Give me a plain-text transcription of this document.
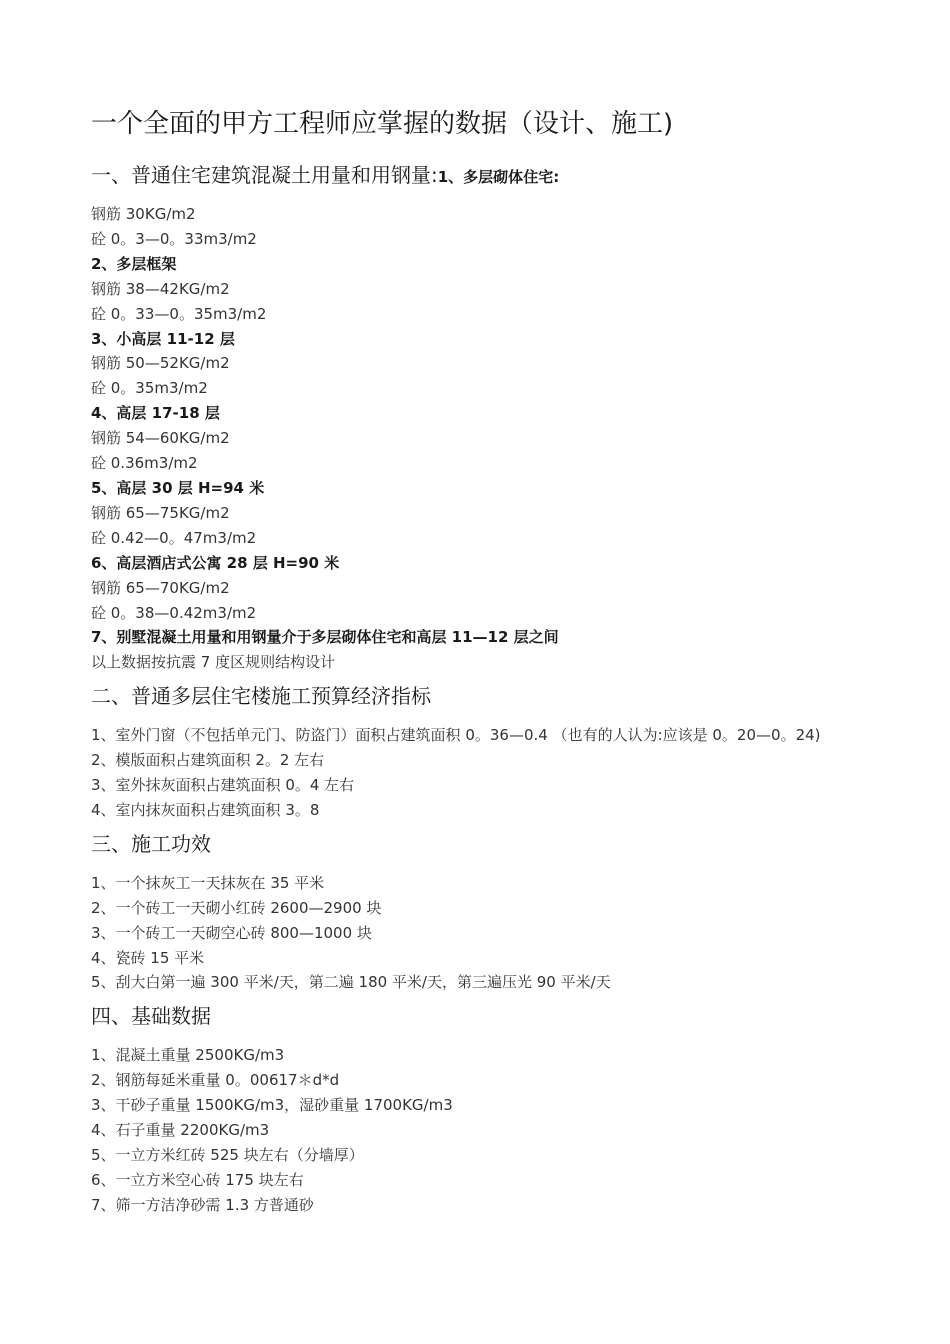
一个全面的甲方工程师应掌握的数据（设计、施工)
一、普通住宅建筑混凝土用量和用钢量:1、多层砌体住宅:

钢筋 30KG/m2

砼 0。3—0。33m3/m2

2、多层框架

钢筋 38—42KG/m2

砼 0。33—0。35m3/m2

3、小高层 11-12 层

钢筋 50—52KG/m2

砼 0。35m3/m2

4、高层 17-18 层

钢筋 54—60KG/m2

砼 0.36m3/m2

5、高层 30 层 H=94 米

钢筋 65—75KG/m2

砼 0.42—0。47m3/m2

6、高层酒店式公寓 28 层 H=90 米

钢筋 65—70KG/m2

砼 0。38—0.42m3/m2

7、别墅混凝土用量和用钢量介于多层砌体住宅和高层 11—12 层之间

以上数据按抗震 7 度区规则结构设计

二、普通多层住宅楼施工预算经济指标

1、室外门窗（不包括单元门、防盗门）面积占建筑面积 0。36—0.4 （也有的人认为:应该是 0。20—0。24)

2、模版面积占建筑面积 2。2 左右

3、室外抹灰面积占建筑面积 0。4 左右

4、室内抹灰面积占建筑面积 3。8

三、施工功效

1、一个抹灰工一天抹灰在 35 平米

2、一个砖工一天砌小红砖 2600—2900 块

3、一个砖工一天砌空心砖 800—1000 块

4、瓷砖 15 平米

5、刮大白第一遍 300 平米/天，第二遍 180 平米/天，第三遍压光 90 平米/天

四、基础数据

1、混凝土重量 2500KG/m3

2、钢筋每延米重量 0。00617＊d*d

3、干砂子重量 1500KG/m3，湿砂重量 1700KG/m3

4、石子重量 2200KG/m3

5、一立方米红砖 525 块左右（分墙厚）

6、一立方米空心砖 175 块左右

7、筛一方洁净砂需 1.3 方普通砂
